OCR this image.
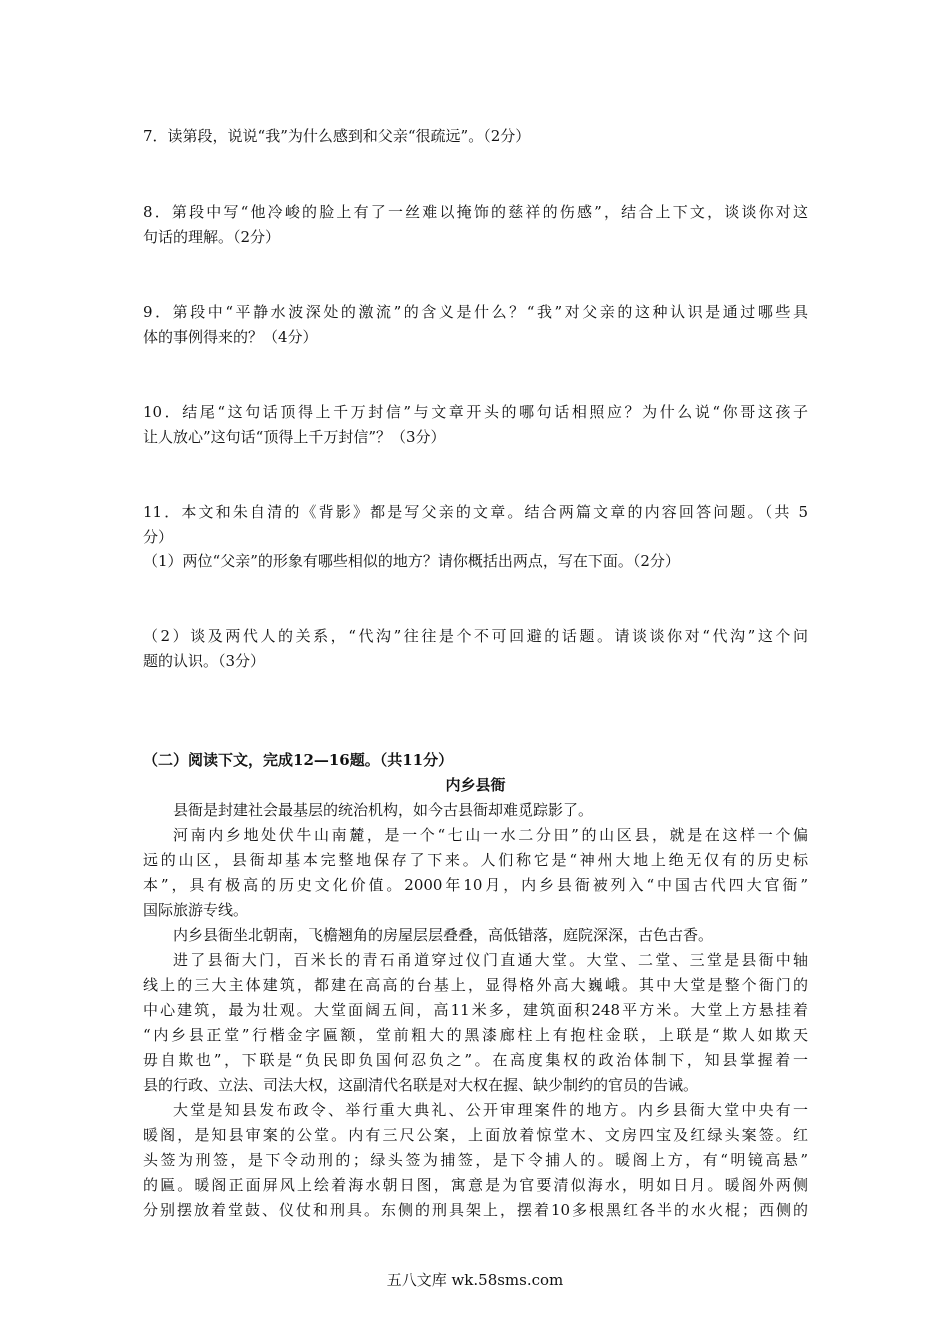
7．读第段，说说“我”为什么感到和父亲“很疏远”。（2分）
8．第段中写“他冷峻的脸上有了一丝难以掩饰的慈祥的伤感”，结合上下文，谈谈你对这
句话的理解。（2分）
9．第段中“平静水波深处的激流”的含义是什么？“我”对父亲的这种认识是通过哪些具
体的事例得来的？（4分）
10．结尾“这句话顶得上千万封信”与文章开头的哪句话相照应？为什么说“你哥这孩子
让人放心”这句话“顶得上千万封信”？（3分）
11．本文和朱自清的《背影》都是写父亲的文章。结合两篇文章的内容回答问题。（共 5
分）
（1）两位“父亲”的形象有哪些相似的地方？请你概括出两点，写在下面。（2分）
（2）谈及两代人的关系，“代沟”往往是个不可回避的话题。请谈谈你对“代沟”这个问
题的认识。（3分）
（二）阅读下文，完成12—16题。（共11分）
内乡县衙
县衙是封建社会最基层的统治机构，如今古县衙却难觅踪影了。
河南内乡地处伏牛山南麓，是一个“七山一水二分田”的山区县，就是在这样一个偏
远的山区，县衙却基本完整地保存了下来。人们称它是“神州大地上绝无仅有的历史标
本”，具有极高的历史文化价值。2000年10月，内乡县衙被列入“中国古代四大官衙”
国际旅游专线。
内乡县衙坐北朝南，飞檐翘角的房屋层层叠叠，高低错落，庭院深深，古色古香。
进了县衙大门，百米长的青石甬道穿过仪门直通大堂。大堂、二堂、三堂是县衙中轴
线上的三大主体建筑，都建在高高的台基上，显得格外高大巍峨。其中大堂是整个衙门的
中心建筑，最为壮观。大堂面阔五间，高11米多，建筑面积248平方米。大堂上方悬挂着
“内乡县正堂”行楷金字匾额，堂前粗大的黑漆廊柱上有抱柱金联，上联是“欺人如欺天
毋自欺也”，下联是“负民即负国何忍负之”。在高度集权的政治体制下，知县掌握着一
县的行政、立法、司法大权，这副清代名联是对大权在握、缺少制约的官员的告诫。
大堂是知县发布政令、举行重大典礼、公开审理案件的地方。内乡县衙大堂中央有一
暖阁，是知县审案的公堂。内有三尺公案，上面放着惊堂木、文房四宝及红绿头案签。红
头签为刑签，是下令动刑的；绿头签为捕签，是下令捕人的。暖阁上方，有“明镜高悬”
的匾。暖阁正面屏风上绘着海水朝日图，寓意是为官要清似海水，明如日月。暖阁外两侧
分别摆放着堂鼓、仪仗和刑具。东侧的刑具架上，摆着10多根黑红各半的水火棍；西侧的
五八文库 wk.58sms.com
